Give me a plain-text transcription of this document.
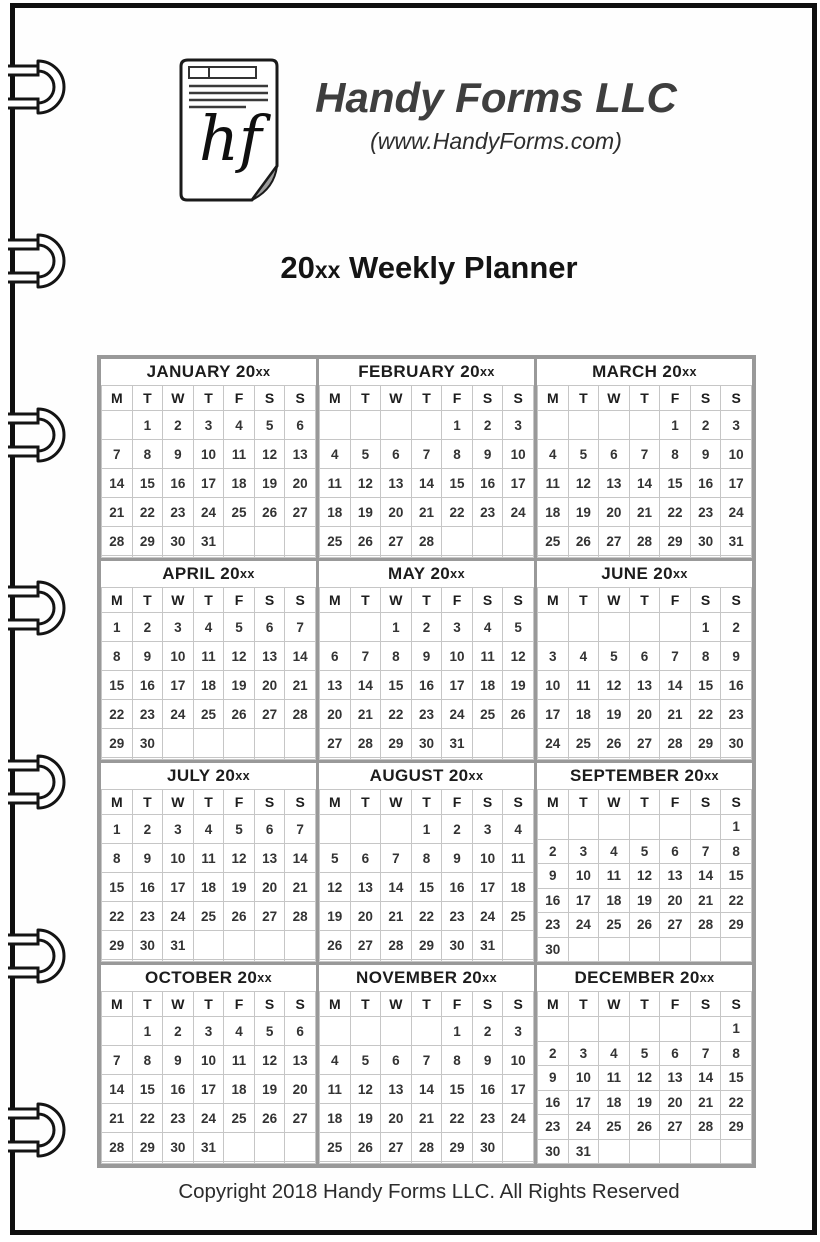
hf
Handy Forms LLC
(www.HandyForms.com)
20xx Weekly Planner
JANUARY 20 xx
M	T	W	T	F	S	S
	1	2	3	4	5	6
7	8	9	10	11	12	13
14	15	16	17	18	19	20
21	22	23	24	25	26	27
28	29	30	31			

FEBRUARY 20 xx
M	T	W	T	F	S	S
				1	2	3
4	5	6	7	8	9	10
11	12	13	14	15	16	17
18	19	20	21	22	23	24
25	26	27	28			

MARCH 20 xx
M	T	W	T	F	S	S
				1	2	3
4	5	6	7	8	9	10
11	12	13	14	15	16	17
18	19	20	21	22	23	24
25	26	27	28	29	30	31

APRIL 20 xx
M	T	W	T	F	S	S
1	2	3	4	5	6	7
8	9	10	11	12	13	14
15	16	17	18	19	20	21
22	23	24	25	26	27	28
29	30					

MAY 20 xx
M	T	W	T	F	S	S
		1	2	3	4	5
6	7	8	9	10	11	12
13	14	15	16	17	18	19
20	21	22	23	24	25	26
27	28	29	30	31		

JUNE 20 xx
M	T	W	T	F	S	S
					1	2
3	4	5	6	7	8	9
10	11	12	13	14	15	16
17	18	19	20	21	22	23
24	25	26	27	28	29	30

JULY 20 xx
M	T	W	T	F	S	S
1	2	3	4	5	6	7
8	9	10	11	12	13	14
15	16	17	18	19	20	21
22	23	24	25	26	27	28
29	30	31				

AUGUST 20 xx
M	T	W	T	F	S	S
			1	2	3	4
5	6	7	8	9	10	11
12	13	14	15	16	17	18
19	20	21	22	23	24	25
26	27	28	29	30	31	

SEPTEMBER 20 xx
M	T	W	T	F	S	S
						1
2	3	4	5	6	7	8
9	10	11	12	13	14	15
16	17	18	19	20	21	22
23	24	25	26	27	28	29
30						
OCTOBER 20 xx
M	T	W	T	F	S	S
	1	2	3	4	5	6
7	8	9	10	11	12	13
14	15	16	17	18	19	20
21	22	23	24	25	26	27
28	29	30	31			

NOVEMBER 20 xx
M	T	W	T	F	S	S
				1	2	3
4	5	6	7	8	9	10
11	12	13	14	15	16	17
18	19	20	21	22	23	24
25	26	27	28	29	30	

DECEMBER 20 xx
M	T	W	T	F	S	S
						1
2	3	4	5	6	7	8
9	10	11	12	13	14	15
16	17	18	19	20	21	22
23	24	25	26	27	28	29
30	31					
Copyright 2018 Handy Forms LLC. All Rights Reserved
